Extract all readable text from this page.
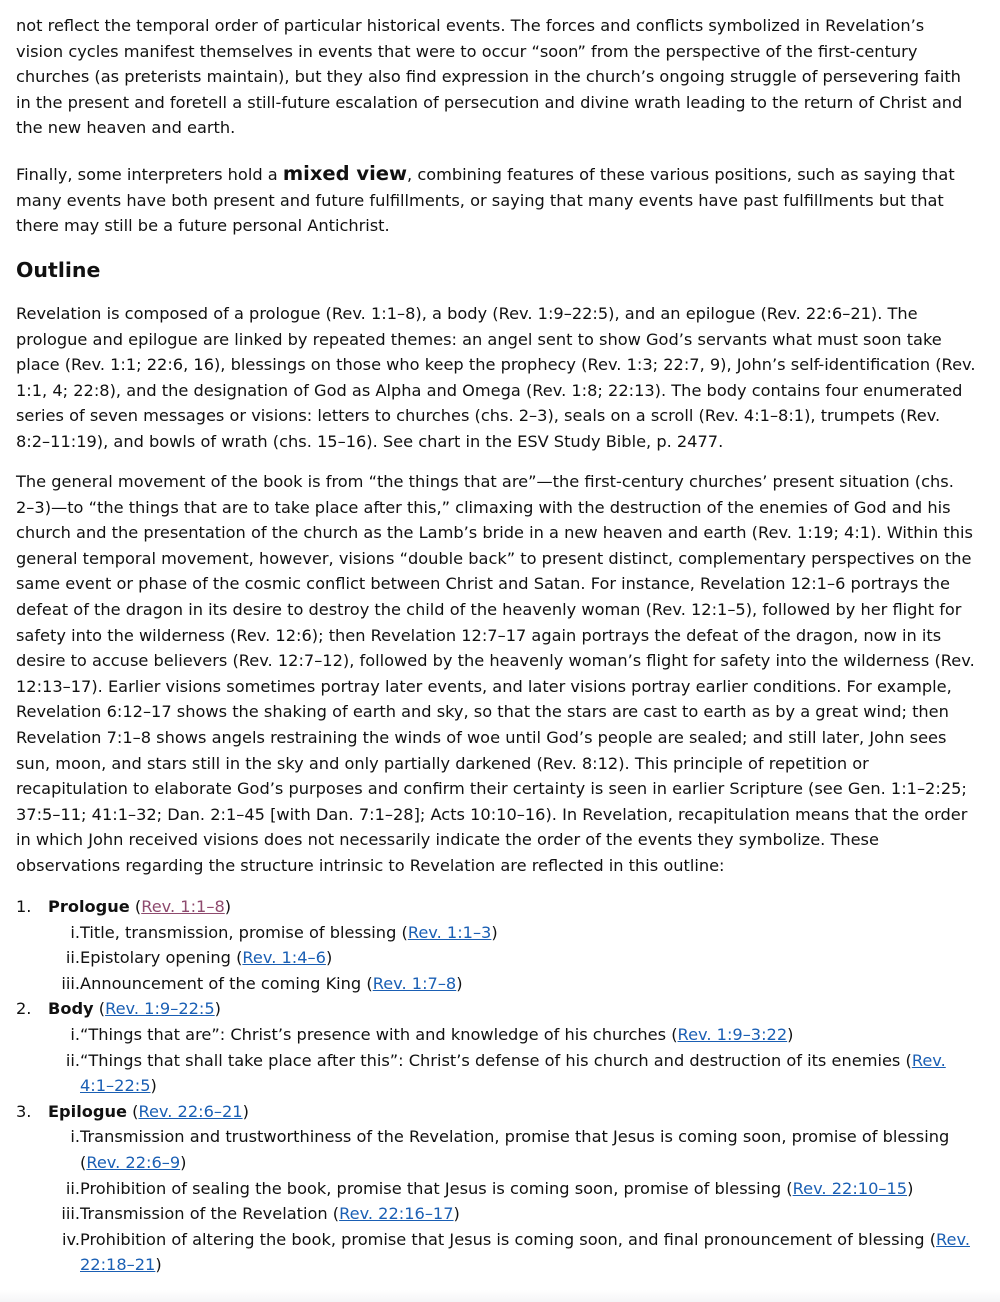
not reflect the temporal order of particular historical events. The forces and conflicts symbolized in Revelation’s vision cycles manifest themselves in events that were to occur “soon” from the perspective of the first-century churches (as preterists maintain), but they also find expression in the church’s ongoing struggle of persevering faith in the present and foretell a still-future escalation of persecution and divine wrath leading to the return of Christ and the new heaven and earth.

Finally, some interpreters hold a mixed view, combining features of these various positions, such as saying that many events have both present and future fulfillments, or saying that many events have past fulfillments but that there may still be a future personal Antichrist.

Outline

Revelation is composed of a prologue (Rev. 1:1–8), a body (Rev. 1:9–22:5), and an epilogue (Rev. 22:6–21). The prologue and epilogue are linked by repeated themes: an angel sent to show God’s servants what must soon take place (Rev. 1:1; 22:6, 16), blessings on those who keep the prophecy (Rev. 1:3; 22:7, 9), John’s self-identification (Rev. 1:1, 4; 22:8), and the designation of God as Alpha and Omega (Rev. 1:8; 22:13). The body contains four enumerated series of seven messages or visions: letters to churches (chs. 2–3), seals on a scroll (Rev. 4:1–8:1), trumpets (Rev. 8:2–11:19), and bowls of wrath (chs. 15–16). See chart in the ESV Study Bible, p. 2477.

The general movement of the book is from “the things that are”—the first-century churches’ present situation (chs. 2–3)—to “the things that are to take place after this,” climaxing with the destruction of the enemies of God and his church and the presentation of the church as the Lamb’s bride in a new heaven and earth (Rev. 1:19; 4:1). Within this general temporal movement, however, visions “double back” to present distinct, complementary perspectives on the same event or phase of the cosmic conflict between Christ and Satan. For instance, Revelation 12:1–6 portrays the defeat of the dragon in its desire to destroy the child of the heavenly woman (Rev. 12:1–5), followed by her flight for safety into the wilderness (Rev. 12:6); then Revelation 12:7–17 again portrays the defeat of the dragon, now in its desire to accuse believers (Rev. 12:7–12), followed by the heavenly woman’s flight for safety into the wilderness (Rev. 12:13–17). Earlier visions sometimes portray later events, and later visions portray earlier conditions. For example, Revelation 6:12–17 shows the shaking of earth and sky, so that the stars are cast to earth as by a great wind; then Revelation 7:1–8 shows angels restraining the winds of woe until God’s people are sealed; and still later, John sees sun, moon, and stars still in the sky and only partially darkened (Rev. 8:12). This principle of repetition or recapitulation to elaborate God’s purposes and confirm their certainty is seen in earlier Scripture (see Gen. 1:1–2:25; 37:5–11; 41:1–32; Dan. 2:1–45 [with Dan. 7:1–28]; Acts 10:10–16). In Revelation, recapitulation means that the order in which John received visions does not necessarily indicate the order of the events they symbolize. These observations regarding the structure intrinsic to Revelation are reflected in this outline:

1. Prologue (Rev. 1:1–8)
i. Title, transmission, promise of blessing (Rev. 1:1–3)
ii. Epistolary opening (Rev. 1:4–6)
iii. Announcement of the coming King (Rev. 1:7–8)
2. Body (Rev. 1:9–22:5)
i. “Things that are”: Christ’s presence with and knowledge of his churches (Rev. 1:9–3:22)
ii. “Things that shall take place after this”: Christ’s defense of his church and destruction of its enemies (Rev. 4:1–22:5)
3. Epilogue (Rev. 22:6–21)
i. Transmission and trustworthiness of the Revelation, promise that Jesus is coming soon, promise of blessing (Rev. 22:6–9)
ii. Prohibition of sealing the book, promise that Jesus is coming soon, promise of blessing (Rev. 22:10–15)
iii. Transmission of the Revelation (Rev. 22:16–17)
iv. Prohibition of altering the book, promise that Jesus is coming soon, and final pronouncement of blessing (Rev. 22:18–21)
